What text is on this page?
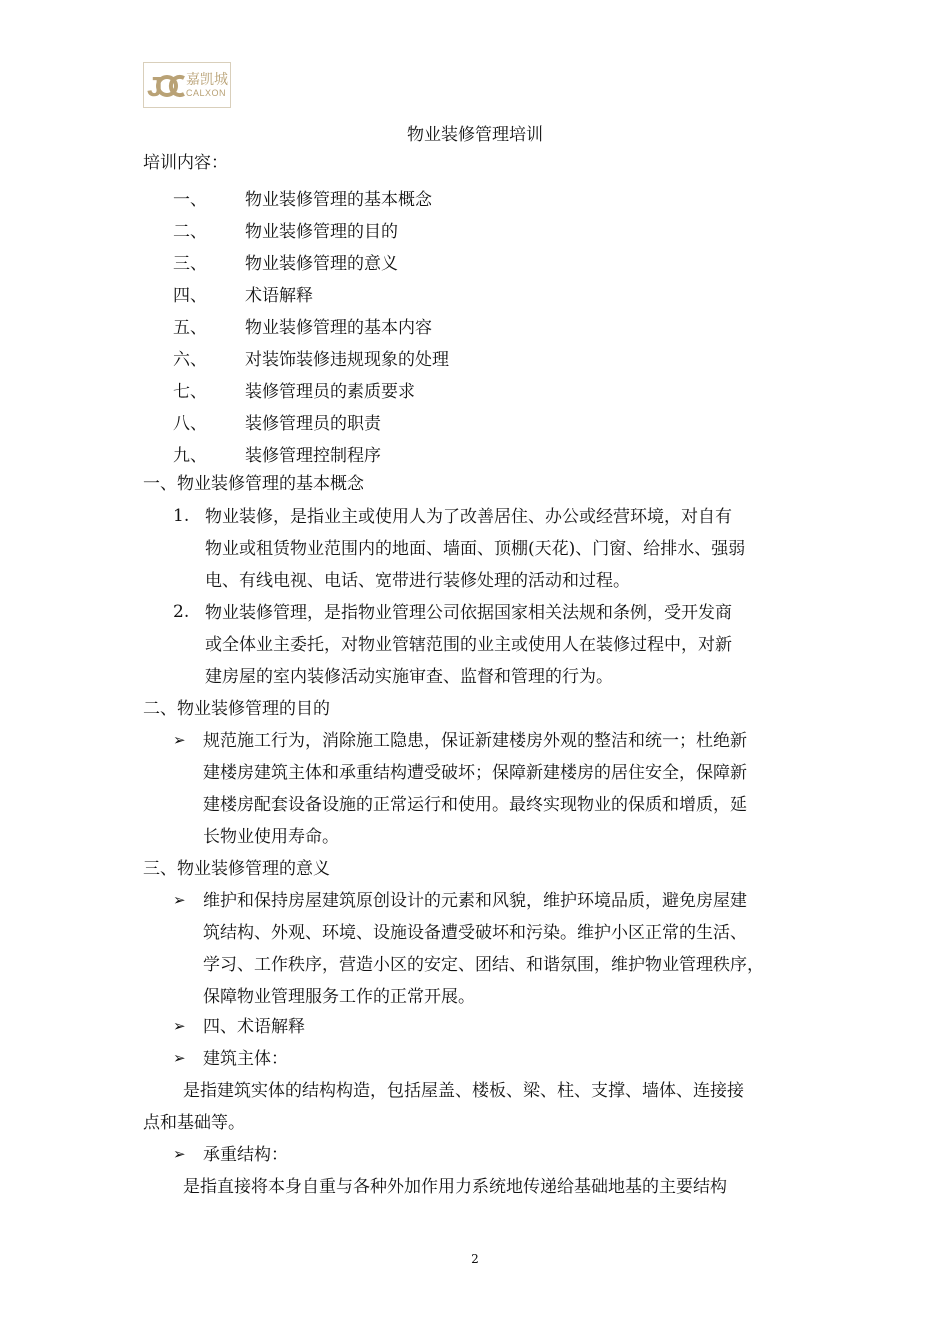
J 嘉凯城
CALXON
物业装修管理培训
培训内容：
一、 物业装修管理的基本概念
二、 物业装修管理的目的
三、 物业装修管理的意义
四、 术语解释
五、 物业装修管理的基本内容
六、 对装饰装修违规现象的处理
七、 装修管理员的素质要求
八、 装修管理员的职责
九、 装修管理控制程序
一、物业装修管理的基本概念
1. 物业装修，是指业主或使用人为了改善居住、办公或经营环境，对自有
物业或租赁物业范围内的地面、墙面、顶棚(天花)、门窗、给排水、强弱
电、有线电视、电话、宽带进行装修处理的活动和过程。
2. 物业装修管理，是指物业管理公司依据国家相关法规和条例，受开发商
或全体业主委托，对物业管辖范围的业主或使用人在装修过程中，对新
建房屋的室内装修活动实施审查、监督和管理的行为。
二、物业装修管理的目的
➢ 规范施工行为，消除施工隐患，保证新建楼房外观的整洁和统一；杜绝新
建楼房建筑主体和承重结构遭受破坏；保障新建楼房的居住安全，保障新
建楼房配套设备设施的正常运行和使用。最终实现物业的保质和增质，延
长物业使用寿命。
三、物业装修管理的意义
➢ 维护和保持房屋建筑原创设计的元素和风貌，维护环境品质，避免房屋建
筑结构、外观、环境、设施设备遭受破坏和污染。维护小区正常的生活、
学习、工作秩序，营造小区的安定、团结、和谐氛围，维护物业管理秩序，
保障物业管理服务工作的正常开展。
➢ 四、术语解释
➢ 建筑主体：
是指建筑实体的结构构造，包括屋盖、楼板、梁、柱、支撑、墙体、连接接
点和基础等。
➢ 承重结构：
是指直接将本身自重与各种外加作用力系统地传递给基础地基的主要结构
2
